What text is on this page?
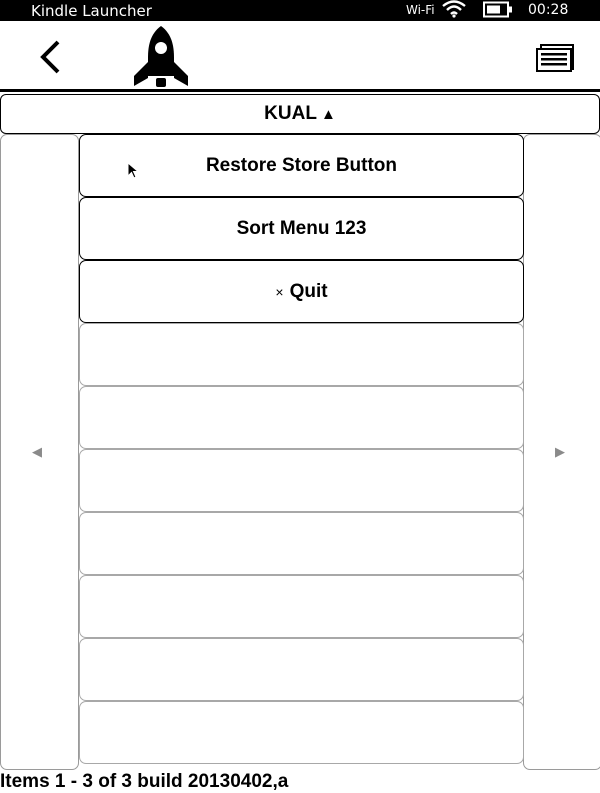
Kindle Launcher	Wi-Fi	00:28
KUAL ▲
◀	▶
Restore Store Button
Sort Menu 123
× Quit
Items 1 - 3 of 3 build 20130402,a
